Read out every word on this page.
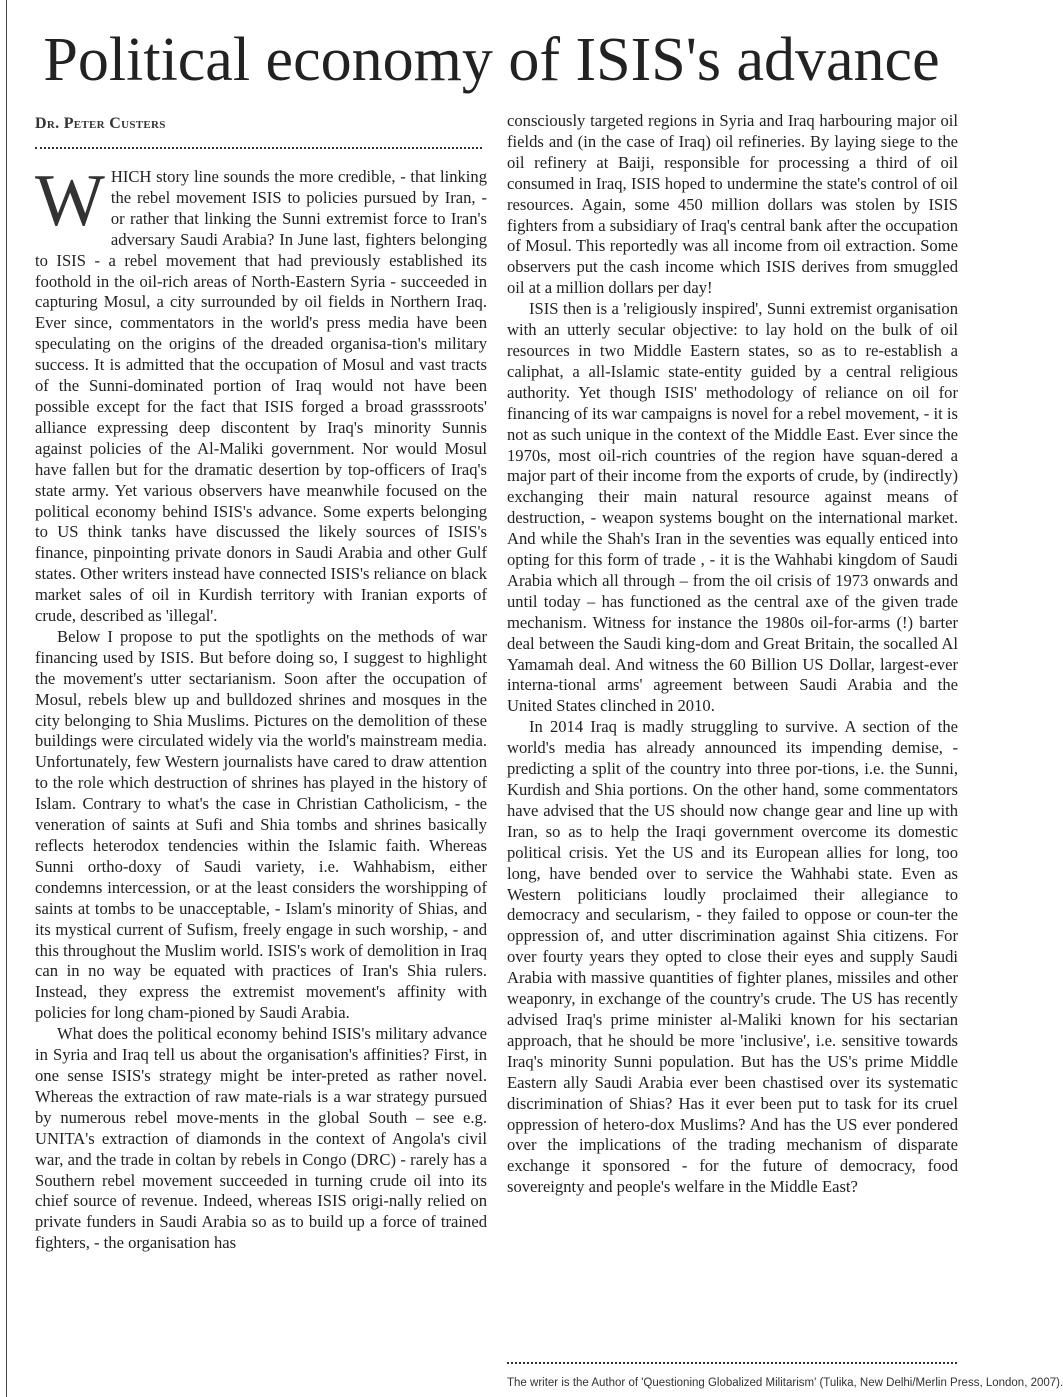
Political economy of ISIS's advance
Dr. Peter Custers

WHICH story line sounds the more credible, - that linking the rebel movement ISIS to policies pursued by Iran, - or rather that linking the Sunni extremist force to Iran's adversary Saudi Arabia? In June last, fighters belonging to ISIS - a rebel movement that had previously established its foothold in the oil-rich areas of North-Eastern Syria - succeeded in capturing Mosul, a city surrounded by oil fields in Northern Iraq. Ever since, commentators in the world's press media have been speculating on the origins of the dreaded organisa-tion's military success. It is admitted that the occupation of Mosul and vast tracts of the Sunni-dominated portion of Iraq would not have been possible except for the fact that ISIS forged a broad grasssroots' alliance expressing deep discontent by Iraq's minority Sunnis against policies of the Al-Maliki government. Nor would Mosul have fallen but for the dramatic desertion by top-officers of Iraq's state army. Yet various observers have meanwhile focused on the political economy behind ISIS's advance. Some experts belonging to US think tanks have discussed the likely sources of ISIS's finance, pinpointing private donors in Saudi Arabia and other Gulf states. Other writers instead have connected ISIS's reliance on black market sales of oil in Kurdish territory with Iranian exports of crude, described as 'illegal'.

Below I propose to put the spotlights on the methods of war financing used by ISIS. But before doing so, I suggest to highlight the movement's utter sectarianism. Soon after the occupation of Mosul, rebels blew up and bulldozed shrines and mosques in the city belonging to Shia Muslims. Pictures on the demolition of these buildings were circulated widely via the world's mainstream media. Unfortunately, few Western journalists have cared to draw attention to the role which destruction of shrines has played in the history of Islam. Contrary to what's the case in Christian Catholicism, - the veneration of saints at Sufi and Shia tombs and shrines basically reflects heterodox tendencies within the Islamic faith. Whereas Sunni ortho-doxy of Saudi variety, i.e. Wahhabism, either condemns intercession, or at the least considers the worshipping of saints at tombs to be unacceptable, - Islam's minority of Shias, and its mystical current of Sufism, freely engage in such worship, - and this throughout the Muslim world. ISIS's work of demolition in Iraq can in no way be equated with practices of Iran's Shia rulers. Instead, they express the extremist movement's affinity with policies for long cham-pioned by Saudi Arabia.

What does the political economy behind ISIS's military advance in Syria and Iraq tell us about the organisation's affinities? First, in one sense ISIS's strategy might be inter-preted as rather novel. Whereas the extraction of raw mate-rials is a war strategy pursued by numerous rebel move-ments in the global South – see e.g. UNITA's extraction of diamonds in the context of Angola's civil war, and the trade in coltan by rebels in Congo (DRC) - rarely has a Southern rebel movement succeeded in turning crude oil into its chief source of revenue. Indeed, whereas ISIS origi-nally relied on private funders in Saudi Arabia so as to build up a force of trained fighters, - the organisation has

consciously targeted regions in Syria and Iraq harbouring major oil fields and (in the case of Iraq) oil refineries. By laying siege to the oil refinery at Baiji, responsible for processing a third of oil consumed in Iraq, ISIS hoped to undermine the state's control of oil resources. Again, some 450 million dollars was stolen by ISIS fighters from a subsidiary of Iraq's central bank after the occupation of Mosul. This reportedly was all income from oil extraction. Some observers put the cash income which ISIS derives from smuggled oil at a million dollars per day!

ISIS then is a 'religiously inspired', Sunni extremist organisation with an utterly secular objective: to lay hold on the bulk of oil resources in two Middle Eastern states, so as to re-establish a caliphat, a all-Islamic state-entity guided by a central religious authority. Yet though ISIS' methodology of reliance on oil for financing of its war campaigns is novel for a rebel movement, - it is not as such unique in the context of the Middle East. Ever since the 1970s, most oil-rich countries of the region have squan-dered a major part of their income from the exports of crude, by (indirectly) exchanging their main natural resource against means of destruction, - weapon systems bought on the international market. And while the Shah's Iran in the seventies was equally enticed into opting for this form of trade , - it is the Wahhabi kingdom of Saudi Arabia which all through – from the oil crisis of 1973 onwards and until today – has functioned as the central axe of the given trade mechanism. Witness for instance the 1980s oil-for-arms (!) barter deal between the Saudi king-dom and Great Britain, the socalled Al Yamamah deal. And witness the 60 Billion US Dollar, largest-ever interna-tional arms' agreement between Saudi Arabia and the United States clinched in 2010.

In 2014 Iraq is madly struggling to survive. A section of the world's media has already announced its impending demise, - predicting a split of the country into three por-tions, i.e. the Sunni, Kurdish and Shia portions. On the other hand, some commentators have advised that the US should now change gear and line up with Iran, so as to help the Iraqi government overcome its domestic political crisis. Yet the US and its European allies for long, too long, have bended over to service the Wahhabi state. Even as Western politicians loudly proclaimed their allegiance to democracy and secularism, - they failed to oppose or coun-ter the oppression of, and utter discrimination against Shia citizens. For over fourty years they opted to close their eyes and supply Saudi Arabia with massive quantities of fighter planes, missiles and other weaponry, in exchange of the country's crude. The US has recently advised Iraq's prime minister al-Maliki known for his sectarian approach, that he should be more 'inclusive', i.e. sensitive towards Iraq's minority Sunni population. But has the US's prime Middle Eastern ally Saudi Arabia ever been chastised over its systematic discrimination of Shias? Has it ever been put to task for its cruel oppression of hetero-dox Muslims? And has the US ever pondered over the implications of the trading mechanism of disparate exchange it sponsored - for the future of democracy, food sovereignty and people's welfare in the Middle East?

The writer is the Author of 'Questioning Globalized Militarism' (Tulika, New Delhi/Merlin Press, London, 2007).
